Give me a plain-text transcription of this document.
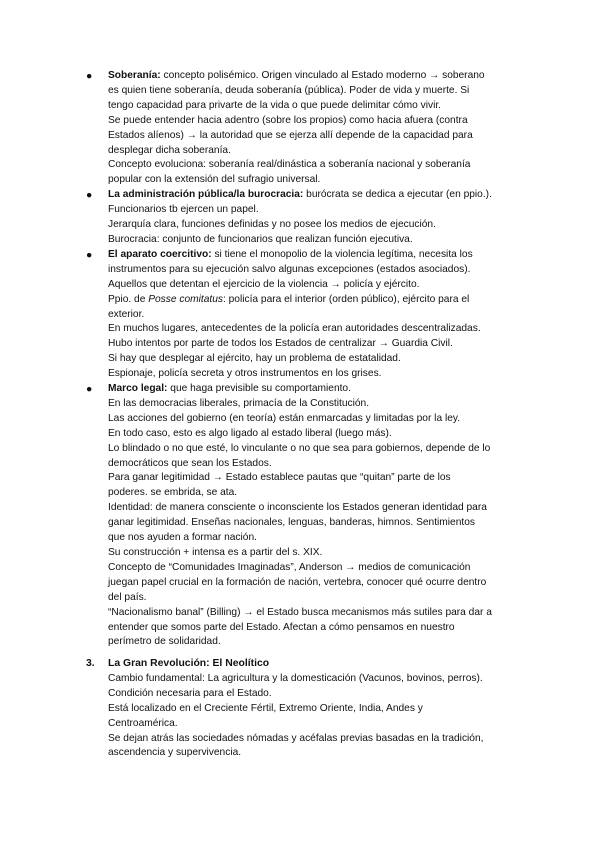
● Soberanía: concepto polisémico. Origen vinculado al Estado moderno → soberano

es quien tiene soberanía, deuda soberanía (pública). Poder de vida y muerte. Si

tengo capacidad para privarte de la vida o que puede delimitar cómo vivir.

Se puede entender hacia adentro (sobre los propios) como hacia afuera (contra

Estados alíenos) → la autoridad que se ejerza allí depende de la capacidad para

desplegar dicha soberanía.

Concepto evoluciona: soberanía real/dinástica a soberanía nacional y soberanía

popular con la extensión del sufragio universal.

● La administración pública/la burocracia: burócrata se dedica a ejecutar (en ppio.).

Funcionarios tb ejercen un papel.

Jerarquía clara, funciones definidas y no posee los medios de ejecución.

Burocracia: conjunto de funcionarios que realizan función ejecutiva.

● El aparato coercitivo: si tiene el monopolio de la violencia legítima, necesita los

instrumentos para su ejecución salvo algunas excepciones (estados asociados).

Aquellos que detentan el ejercicio de la violencia → policía y ejército.

Ppio. de Posse comitatus: policía para el interior (orden público), ejército para el

exterior.

En muchos lugares, antecedentes de la policía eran autoridades descentralizadas.

Hubo intentos por parte de todos los Estados de centralizar → Guardia Civil.

Si hay que desplegar al ejército, hay un problema de estatalidad.

Espionaje, policía secreta y otros instrumentos en los grises.

● Marco legal: que haga previsible su comportamiento.

En las democracias liberales, primacía de la Constitución.

Las acciones del gobierno (en teoría) están enmarcadas y limitadas por la ley.

En todo caso, esto es algo ligado al estado liberal (luego más).

Lo blindado o no que esté, lo vinculante o no que sea para gobiernos, depende de lo

democráticos que sean los Estados.

Para ganar legitimidad → Estado establece pautas que “quitan” parte de los

poderes. se embrida, se ata.

Identidad: de manera consciente o inconsciente los Estados generan identidad para

ganar legitimidad. Enseñas nacionales, lenguas, banderas, himnos. Sentimientos

que nos ayuden a formar nación.

Su construcción + intensa es a partir del s. XIX.

Concepto de “Comunidades Imaginadas”, Anderson → medios de comunicación

juegan papel crucial en la formación de nación, vertebra, conocer qué ocurre dentro

del país.

“Nacionalismo banal” (Billing) → el Estado busca mecanismos más sutiles para dar a

entender que somos parte del Estado. Afectan a cómo pensamos en nuestro

perímetro de solidaridad.

3. La Gran Revolución: El Neolítico

Cambio fundamental: La agricultura y la domesticación (Vacunos, bovinos, perros).

Condición necesaria para el Estado.

Está localizado en el Creciente Fértil, Extremo Oriente, India, Andes y

Centroamérica.

Se dejan atrás las sociedades nómadas y acéfalas previas basadas en la tradición,

ascendencia y supervivencia.
